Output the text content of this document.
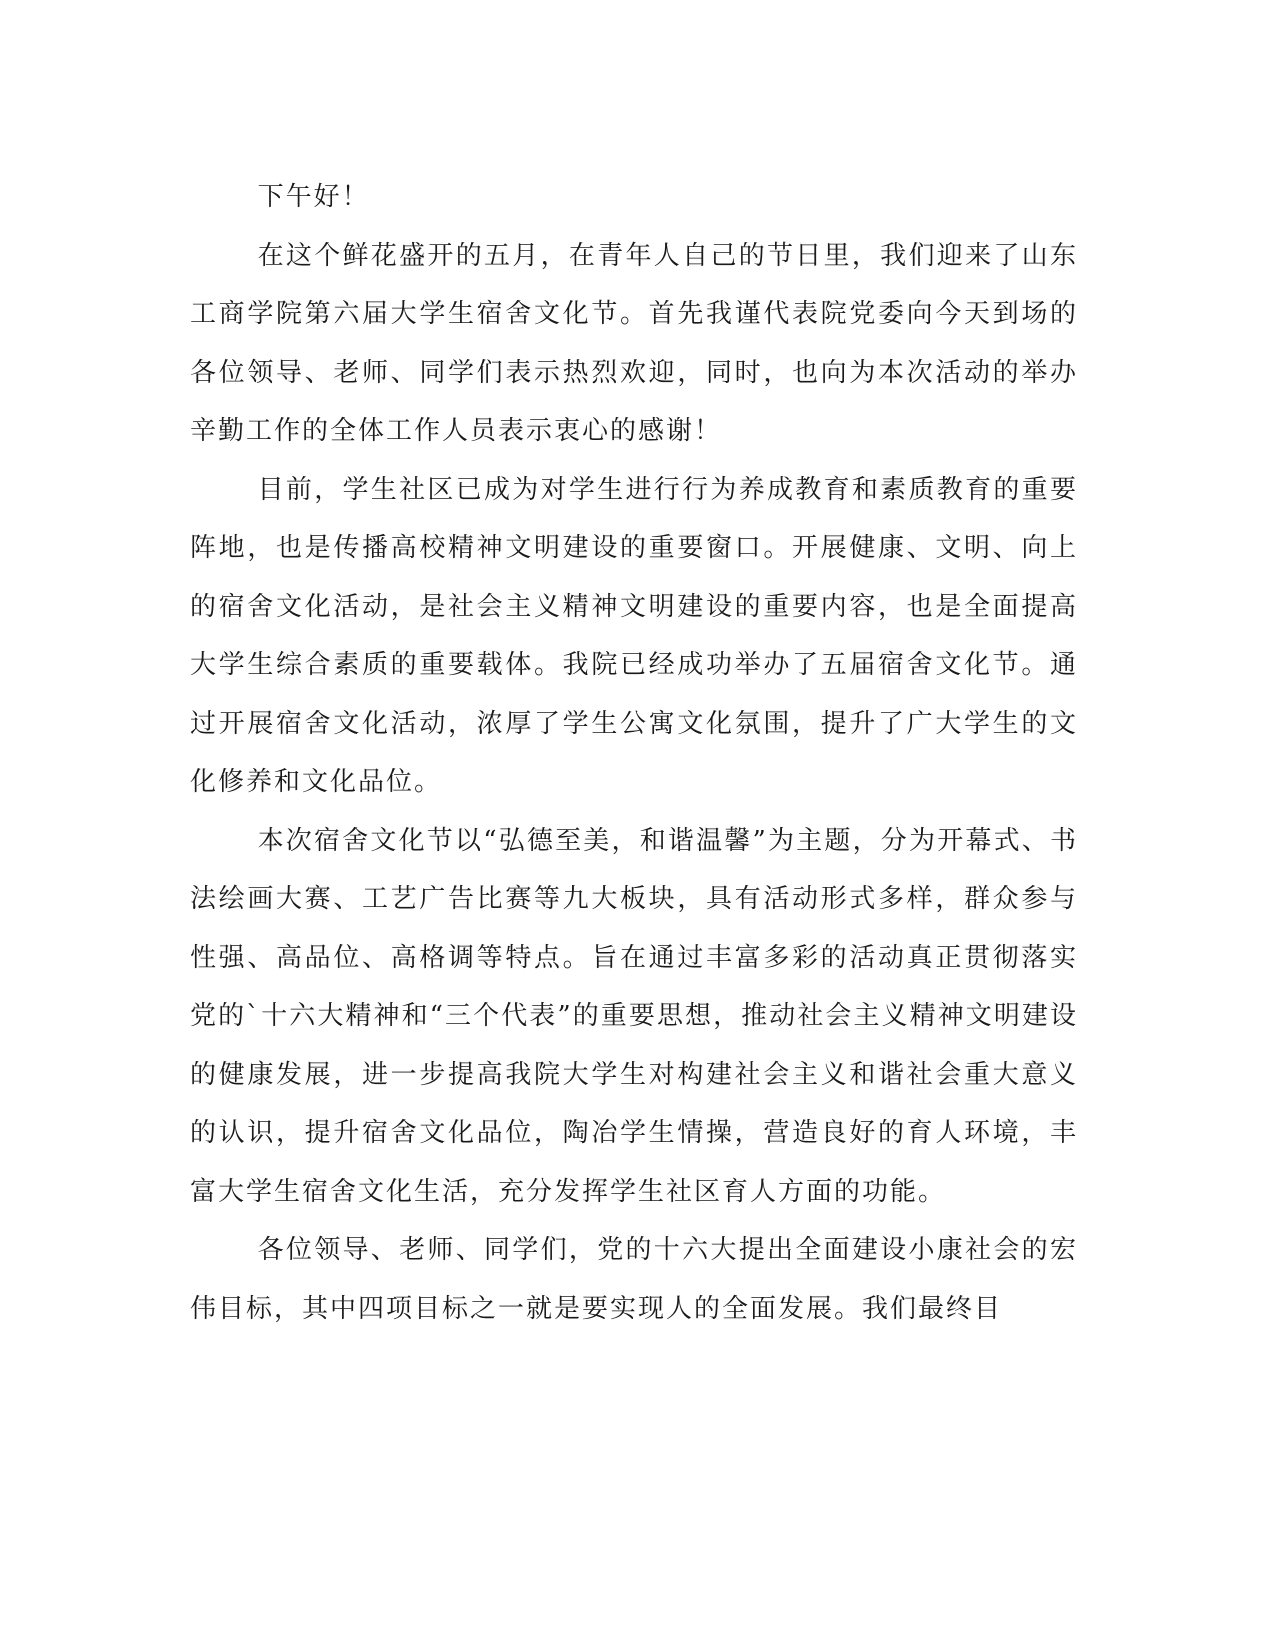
下午好！

在这个鲜花盛开的五月，在青年人自己的节日里，我们迎来了山东工商学院第六届大学生宿舍文化节。首先我谨代表院党委向今天到场的各位领导、老师、同学们表示热烈欢迎，同时，也向为本次活动的举办辛勤工作的全体工作人员表示衷心的感谢！

目前，学生社区已成为对学生进行行为养成教育和素质教育的重要阵地，也是传播高校精神文明建设的重要窗口。开展健康、文明、向上的宿舍文化活动，是社会主义精神文明建设的重要内容，也是全面提高大学生综合素质的重要载体。我院已经成功举办了五届宿舍文化节。通过开展宿舍文化活动，浓厚了学生公寓文化氛围，提升了广大学生的文化修养和文化品位。

本次宿舍文化节以“弘德至美，和谐温馨”为主题，分为开幕式、书法绘画大赛、工艺广告比赛等九大板块，具有活动形式多样，群众参与性强、高品位、高格调等特点。旨在通过丰富多彩的活动真正贯彻落实党的`十六大精神和“三个代表”的重要思想，推动社会主义精神文明建设的健康发展，进一步提高我院大学生对构建社会主义和谐社会重大意义的认识，提升宿舍文化品位，陶冶学生情操，营造良好的育人环境，丰富大学生宿舍文化生活，充分发挥学生社区育人方面的功能。

各位领导、老师、同学们，党的十六大提出全面建设小康社会的宏伟目标，其中四项目标之一就是要实现人的全面发展。我们最终目
